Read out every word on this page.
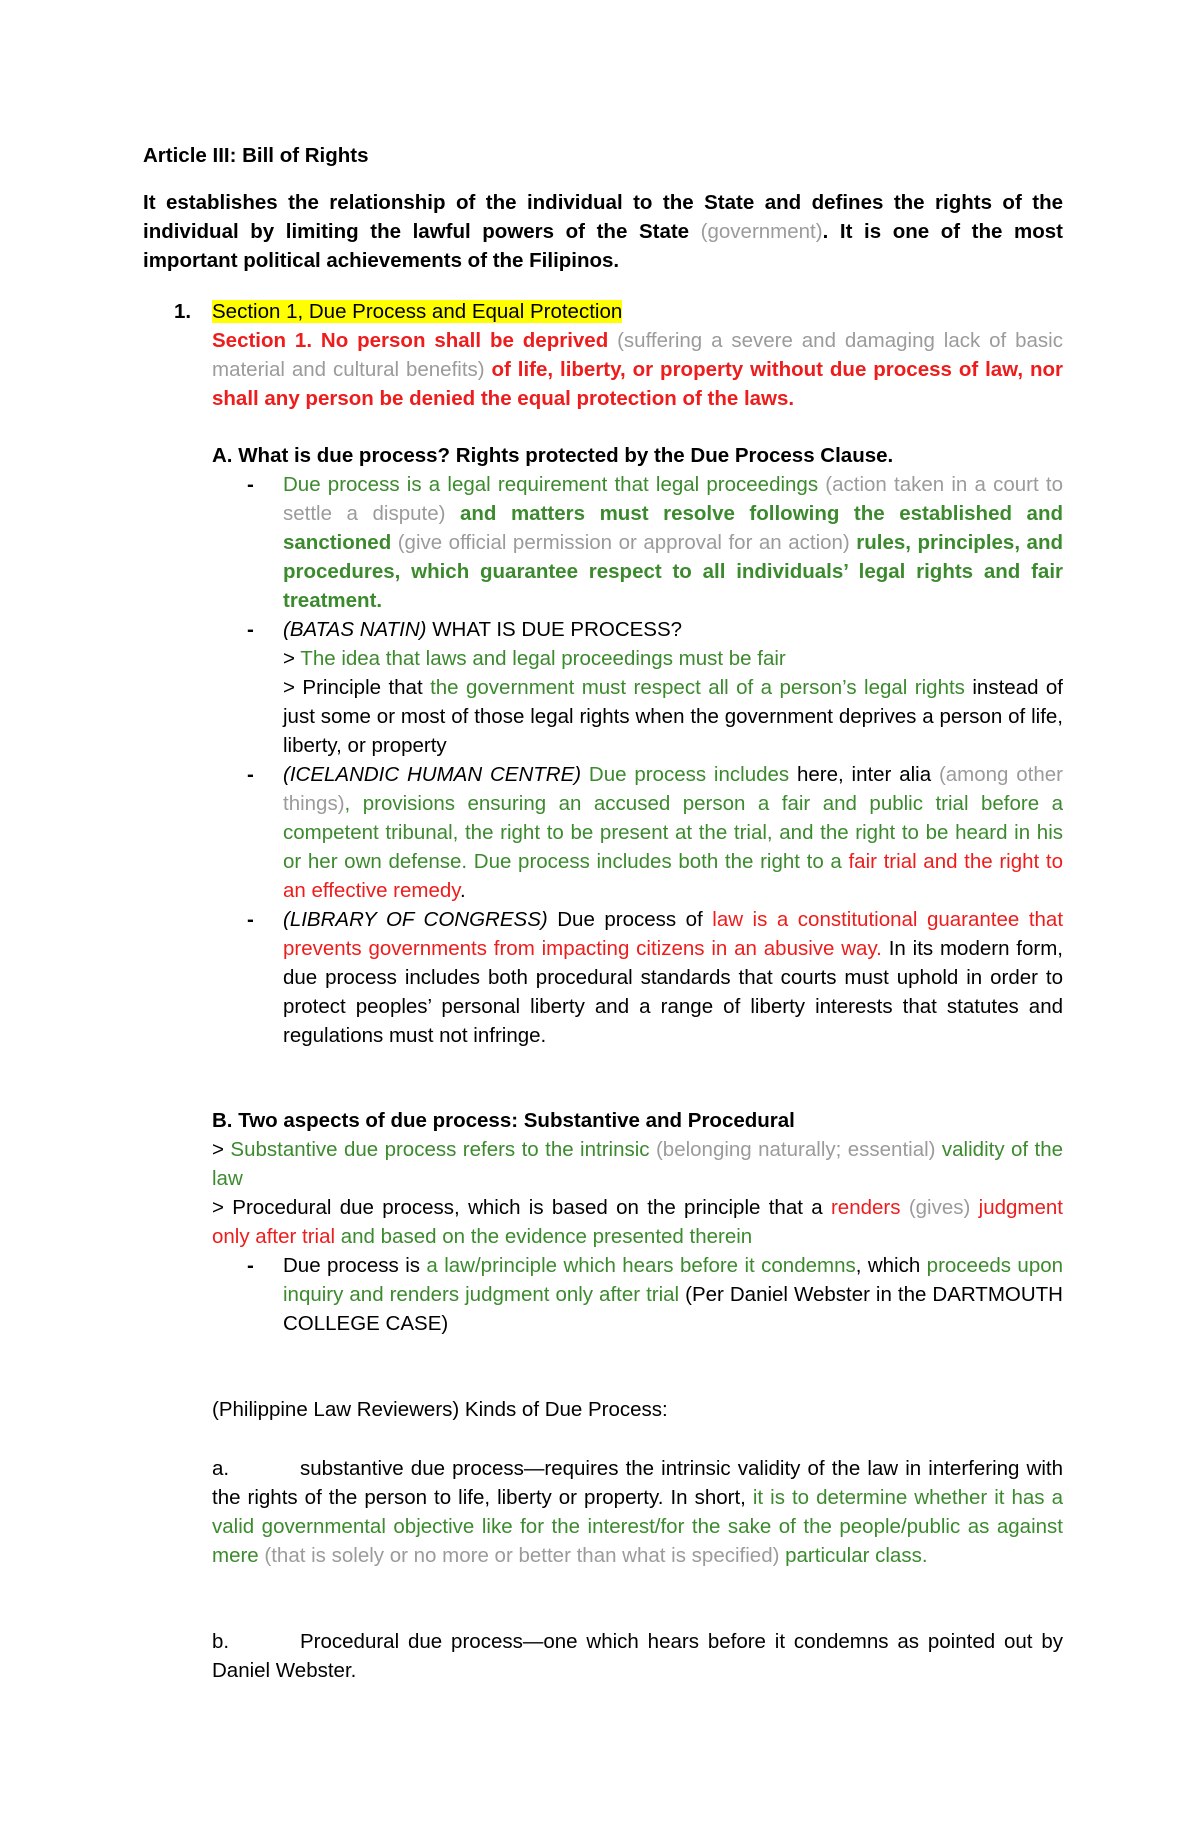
Article III: Bill of Rights
It establishes the relationship of the individual to the State and defines the rights of the individual by limiting the lawful powers of the State (government). It is one of the most important political achievements of the Filipinos.
1. Section 1, Due Process and Equal Protection
Section 1. No person shall be deprived (suffering a severe and damaging lack of basic material and cultural benefits) of life, liberty, or property without due process of law, nor shall any person be denied the equal protection of the laws.
A. What is due process? Rights protected by the Due Process Clause.
- Due process is a legal requirement that legal proceedings (action taken in a court to settle a dispute) and matters must resolve following the established and sanctioned (give official permission or approval for an action) rules, principles, and procedures, which guarantee respect to all individuals’ legal rights and fair treatment.
- (BATAS NATIN) WHAT IS DUE PROCESS?
> The idea that laws and legal proceedings must be fair
> Principle that the government must respect all of a person’s legal rights instead of just some or most of those legal rights when the government deprives a person of life, liberty, or property
- (ICELANDIC HUMAN CENTRE) Due process includes here, inter alia (among other things), provisions ensuring an accused person a fair and public trial before a competent tribunal, the right to be present at the trial, and the right to be heard in his or her own defense. Due process includes both the right to a fair trial and the right to an effective remedy.
- (LIBRARY OF CONGRESS) Due process of law is a constitutional guarantee that prevents governments from impacting citizens in an abusive way. In its modern form, due process includes both procedural standards that courts must uphold in order to protect peoples’ personal liberty and a range of liberty interests that statutes and regulations must not infringe.
B. Two aspects of due process: Substantive and Procedural
> Substantive due process refers to the intrinsic (belonging naturally; essential) validity of the law
> Procedural due process, which is based on the principle that a renders (gives) judgment only after trial and based on the evidence presented therein
- Due process is a law/principle which hears before it condemns, which proceeds upon inquiry and renders judgment only after trial (Per Daniel Webster in the DARTMOUTH COLLEGE CASE)
(Philippine Law Reviewers) Kinds of Due Process:
a.	substantive due process—requires the intrinsic validity of the law in interfering with the rights of the person to life, liberty or property. In short, it is to determine whether it has a valid governmental objective like for the interest/for the sake of the people/public as against mere (that is solely or no more or better than what is specified) particular class.
b.	Procedural due process—one which hears before it condemns as pointed out by Daniel Webster.
